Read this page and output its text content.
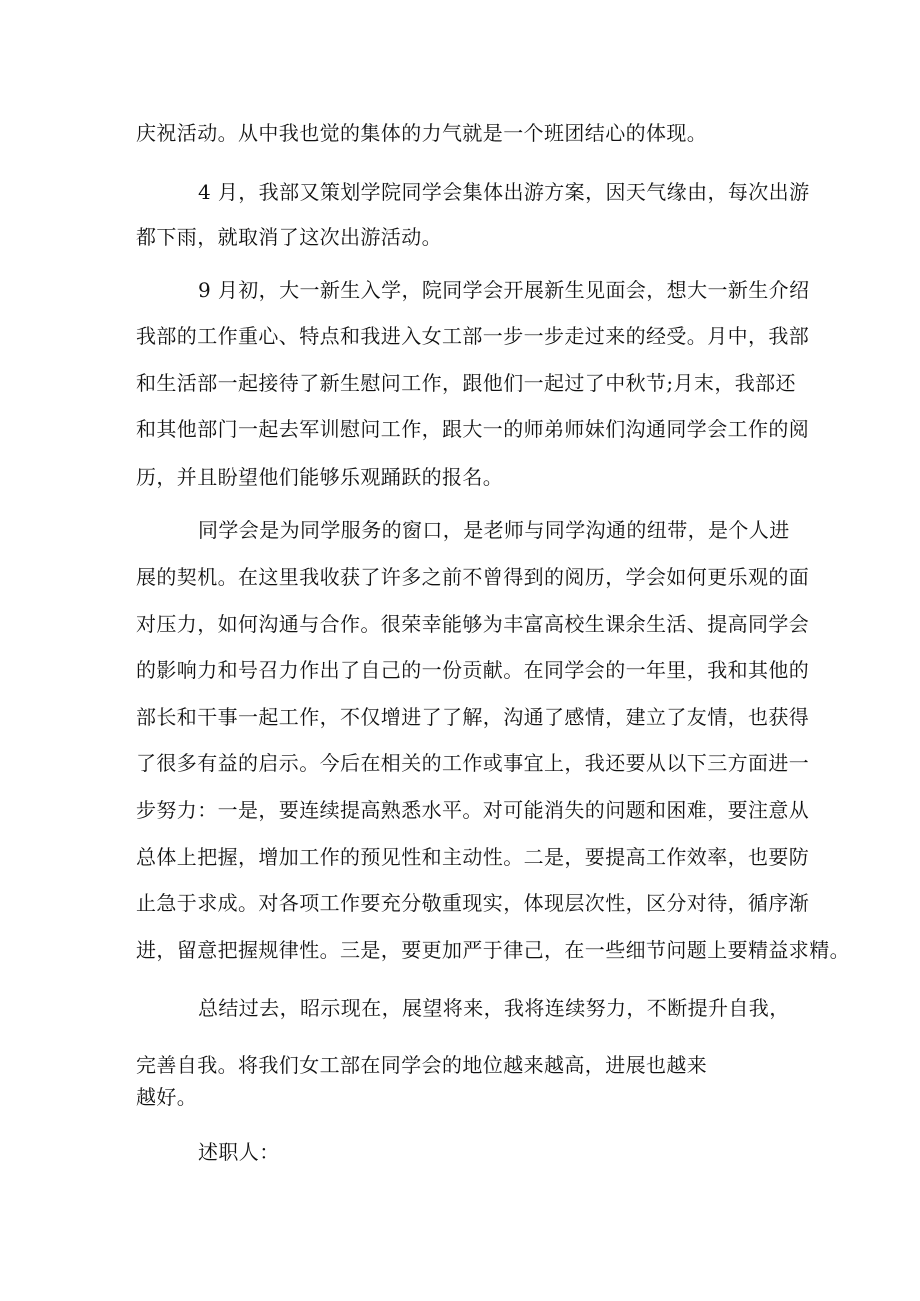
庆祝活动。从中我也觉的集体的力气就是一个班团结心的体现。
4 月，我部又策划学院同学会集体出游方案，因天气缘由，每次出游
都下雨，就取消了这次出游活动。
9 月初，大一新生入学，院同学会开展新生见面会，想大一新生介绍
我部的工作重心、特点和我进入女工部一步一步走过来的经受。月中，我部
和生活部一起接待了新生慰问工作，跟他们一起过了中秋节;月末，我部还
和其他部门一起去军训慰问工作，跟大一的师弟师妹们沟通同学会工作的阅
历，并且盼望他们能够乐观踊跃的报名。
同学会是为同学服务的窗口，是老师与同学沟通的纽带，是个人进
展的契机。在这里我收获了许多之前不曾得到的阅历，学会如何更乐观的面
对压力，如何沟通与合作。很荣幸能够为丰富高校生课余生活、提高同学会
的影响力和号召力作出了自己的一份贡献。在同学会的一年里，我和其他的
部长和干事一起工作，不仅增进了了解，沟通了感情，建立了友情，也获得
了很多有益的启示。今后在相关的工作或事宜上，我还要从以下三方面进一
步努力：一是，要连续提高熟悉水平。对可能消失的问题和困难，要注意从
总体上把握，增加工作的预见性和主动性。二是，要提高工作效率，也要防
止急于求成。对各项工作要充分敬重现实，体现层次性，区分对待，循序渐
进，留意把握规律性。三是，要更加严于律己，在一些细节问题上要精益求精。
总结过去，昭示现在，展望将来，我将连续努力，不断提升自我，
完善自我。将我们女工部在同学会的地位越来越高，进展也越来
越好。
述职人：
